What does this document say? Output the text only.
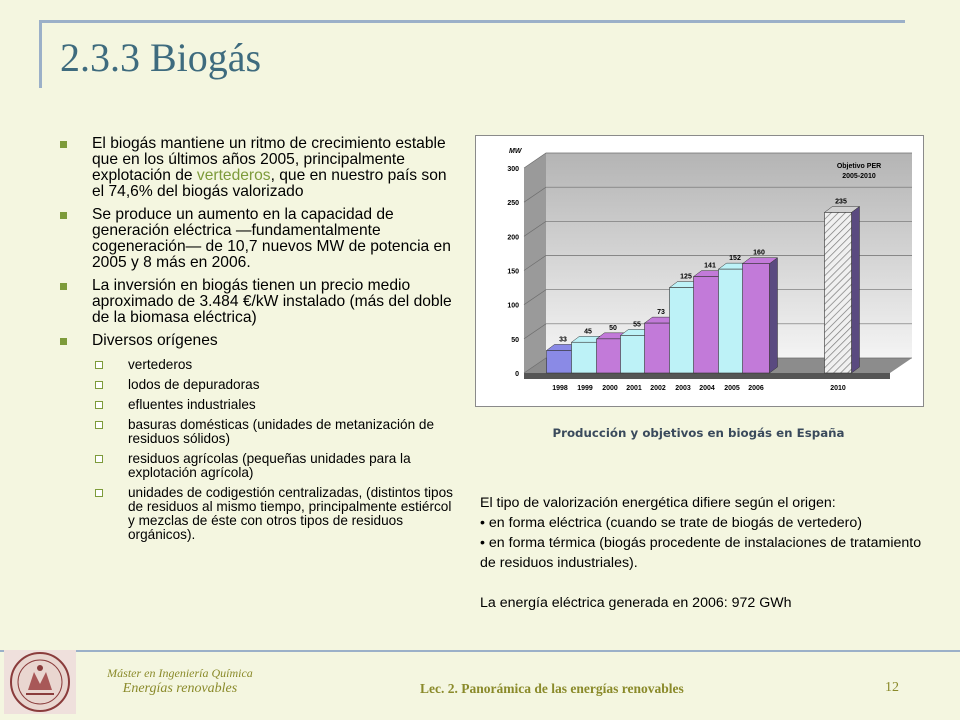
2.3.3 Biogás
El biogás mantiene un ritmo de crecimiento estable que en los últimos años 2005, principalmente explotación de vertederos, que en nuestro país son el 74,6% del biogás valorizado
Se produce un aumento en la capacidad de generación eléctrica —fundamentalmente cogeneración— de 10,7 nuevos MW de potencia en 2005 y 8 más en 2006.
La inversión en biogás tienen un precio medio aproximado de 3.484 €/kW instalado (más del doble de la biomasa eléctrica)
Diversos orígenes
vertederos
lodos de depuradoras
efluentes industriales
basuras domésticas (unidades de metanización de residuos sólidos)
residuos agrícolas (pequeñas unidades para la explotación agrícola)
unidades de codigestión centralizadas, (distintos tipos de residuos al mismo tiempo, principalmente estiércol y mezclas de éste con otros tipos de residuos orgánicos).
0
50
100
150
200
250
300
33
45 50 55
73
125
141
152
160
235
1998 1999 2000 2001 2002 2003 2004 2005 2006	2010
MW
Objetivo PER
2005-2010
Producción y objetivos en biogás en España
El tipo de valorización energética difiere según el origen:
• en forma eléctrica (cuando se trate de biogás de vertedero)
• en forma térmica (biogás procedente de instalaciones de tratamiento de residuos industriales).
La energía eléctrica generada en 2006: 972 GWh
Máster en Ingeniería Química
Energías renovables	Lec. 2. Panorámica de las energías renovables	12
